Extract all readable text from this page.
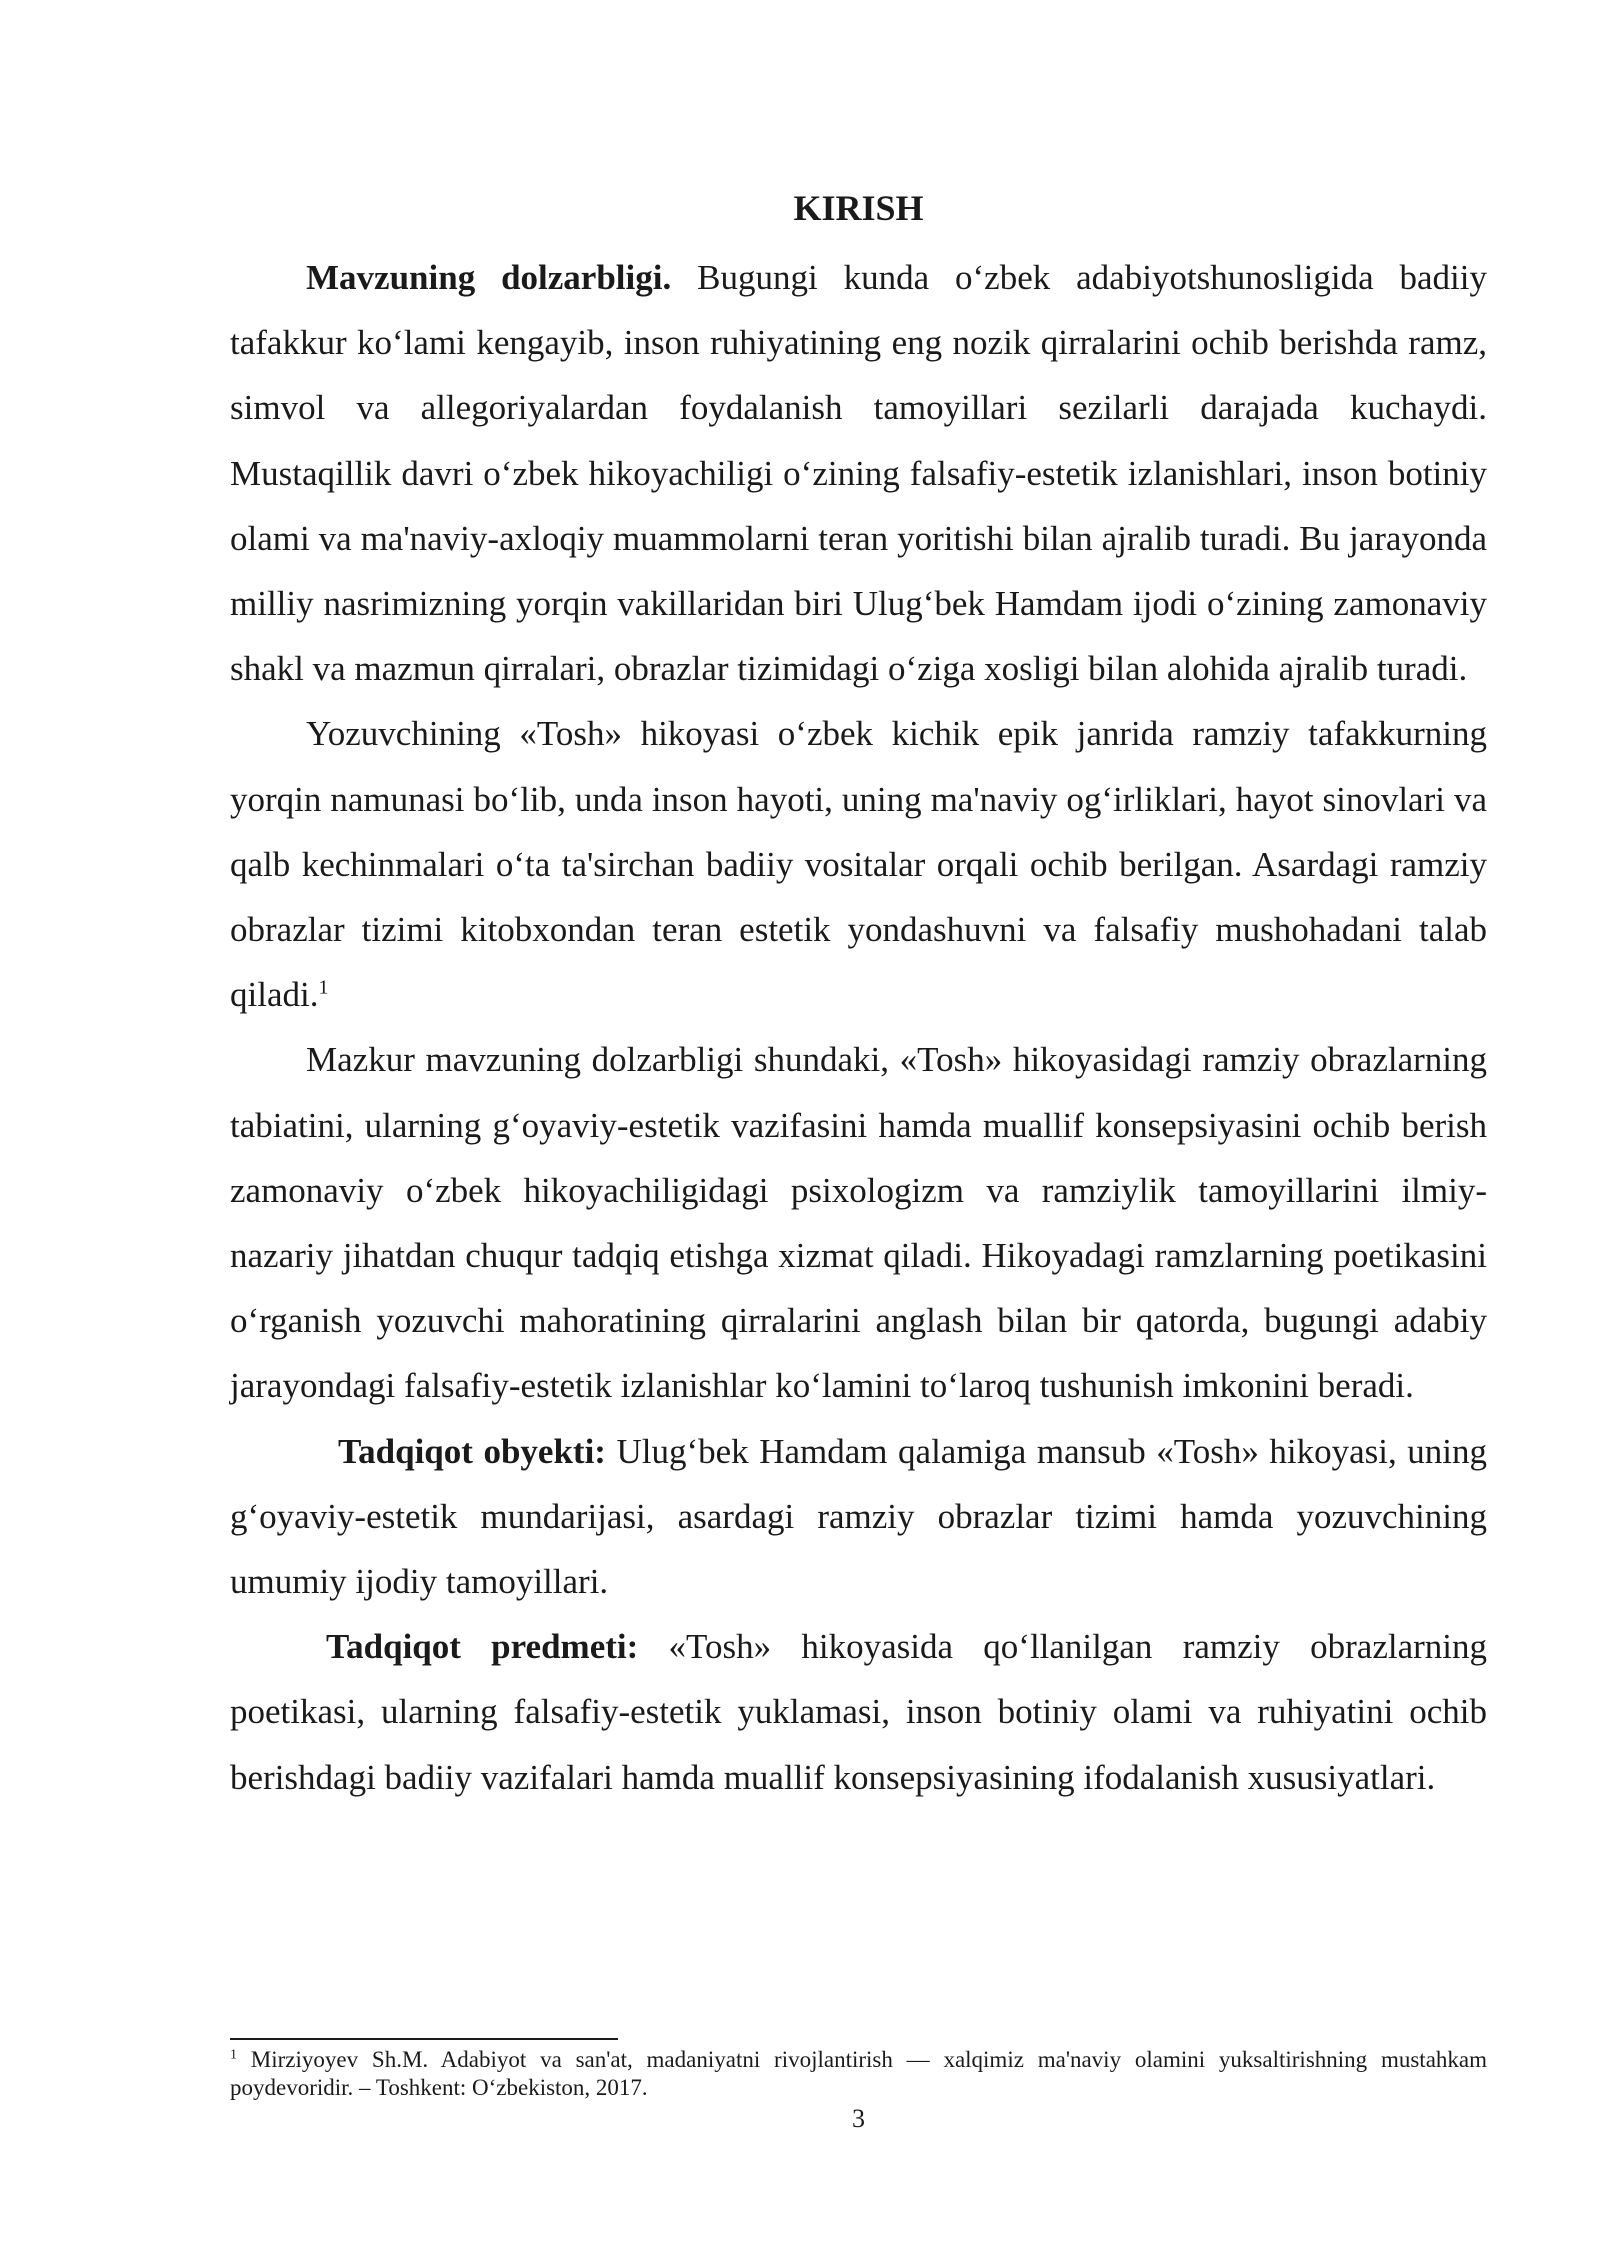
KIRISH

Mavzuning dolzarbligi. Bugungi kunda o‘zbek adabiyotshunosligida badiiy tafakkur ko‘lami kengayib, inson ruhiyatining eng nozik qirralarini ochib berishda ramz, simvol va allegoriyalardan foydalanish tamoyillari sezilarli darajada kuchaydi. Mustaqillik davri o‘zbek hikoyachiligi o‘zining falsafiy-estetik izlanishlari, inson botiniy olami va ma'naviy-axloqiy muammolarni teran yoritishi bilan ajralib turadi. Bu jarayonda milliy nasrimizning yorqin vakillaridan biri Ulug‘bek Hamdam ijodi o‘zining zamonaviy shakl va mazmun qirralari, obrazlar tizimidagi o‘ziga xosligi bilan alohida ajralib turadi.

Yozuvchining «Tosh» hikoyasi o‘zbek kichik epik janrida ramziy tafakkurning yorqin namunasi bo‘lib, unda inson hayoti, uning ma'naviy og‘irliklari, hayot sinovlari va qalb kechinmalari o‘ta ta'sirchan badiiy vositalar orqali ochib berilgan. Asardagi ramziy obrazlar tizimi kitobxondan teran estetik yondashuvni va falsafiy mushohadani talab qiladi.$^1$

Mazkur mavzuning dolzarbligi shundaki, «Tosh» hikoyasidagi ramziy obrazlarning tabiatini, ularning g‘oyaviy-estetik vazifasini hamda muallif konsepsiyasini ochib berish zamonaviy o‘zbek hikoyachiligidagi psixologizm va ramziylik tamoyillarini ilmiy-nazariy jihatdan chuqur tadqiq etishga xizmat qiladi. Hikoyadagi ramzlarning poetikasini o‘rganish yozuvchi mahoratining qirralarini anglash bilan bir qatorda, bugungi adabiy jarayondagi falsafiy-estetik izlanishlar ko‘lamini to‘laroq tushunish imkonini beradi.

Tadqiqot obyekti: Ulug‘bek Hamdam qalamiga mansub «Tosh» hikoyasi, uning g‘oyaviy-estetik mundarijasi, asardagi ramziy obrazlar tizimi hamda yozuvchining umumiy ijodiy tamoyillari.

Tadqiqot predmeti: «Tosh» hikoyasida qo‘llanilgan ramziy obrazlarning poetikasi, ularning falsafiy-estetik yuklamasi, inson botiniy olami va ruhiyatini ochib berishdagi badiiy vazifalari hamda muallif konsepsiyasining ifodalanish xususiyatlari.

$^1$ Mirziyoyev Sh.M. Adabiyot va san'at, madaniyatni rivojlantirish — xalqimiz ma'naviy olamini yuksaltirishning mustahkam poydevoridir. – Toshkent: O‘zbekiston, 2017.

3
